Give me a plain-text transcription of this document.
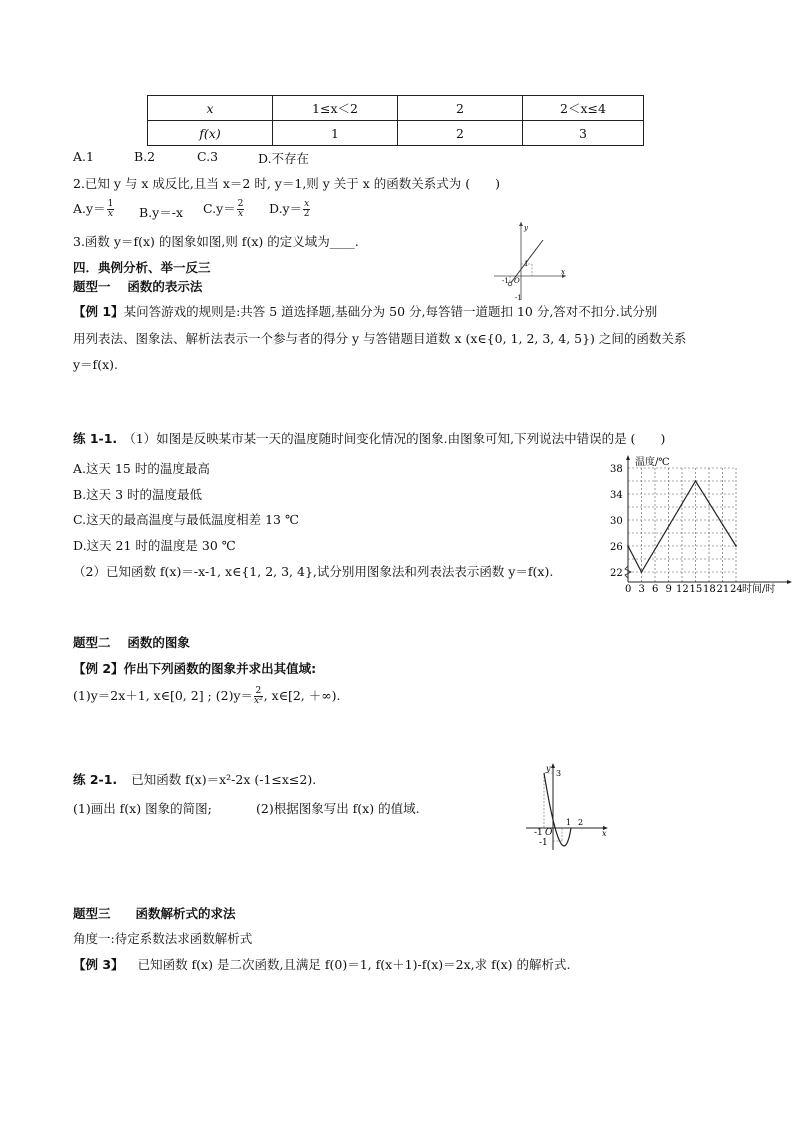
x	1≤x＜2	2	2＜x≤4
f(x)	1	2	3
A.1	B.2	C.3	D.不存在
2.已知 y 与 x 成反比,且当 x＝2 时, y＝1,则 y 关于 x 的函数关系式为 (　　)
$A.y= \frac{1}{x} B.y=-x$ $C.y= \frac{2}{x} D.y= \frac{x}{2}$
3.函数 y＝f(x) 的图象如图,则 f(x) 的定义域为____.
y
x
O
1
-1
-1
四．典例分析、举一反三
题型一　 函数的表示法
【例 1】某问答游戏的规则是:共答 5 道选择题,基础分为 50 分,每答错一道题扣 10 分,答对不扣分.试分别
用列表法、图象法、解析法表示一个参与者的得分 y 与答错题目道数 x (x∈{0, 1, 2, 3, 4, 5}) 之间的函数关系
y＝f(x).
练 1-1. （1）如图是反映某市某一天的温度随时间变化情况的图象.由图象可知,下列说法中错误的是 (　　)
A.这天 15 时的温度最高
B.这天 3 时的温度最低
C.这天的最高温度与最低温度相差 13 ℃
D.这天 21 时的温度是 30 ℃
（2）已知函数 f(x)＝-x-1, x∈{1, 2, 3, 4},试分别用图象法和列表法表示函数 y＝f(x).	22
26
30
34
38
0 3 6 9 12 15 18 21 24
温度/℃
时间/时
题型二　 函数的图象
【例 2】作出下列函数的图象并求出其值域:
(1)y＝2x＋1, x∈[0, 2] ; $(2)y= \frac{2}{\text{x²}}$ , x∈[2, ＋∞).
练 2-1. 已知函数 f(x)＝x²-2x (-1≤x≤2).
(1)画出 f(x) 图象的简图;	(2)根据图象写出 f(x) 的值域.
y
3
x
-1 O
1 2
-1
题型三　　函数解析式的求法
角度一:待定系数法求函数解析式
【例 3】 已知函数 f(x) 是二次函数,且满足 f(0)＝1, f(x＋1)-f(x)＝2x,求 f(x) 的解析式.
